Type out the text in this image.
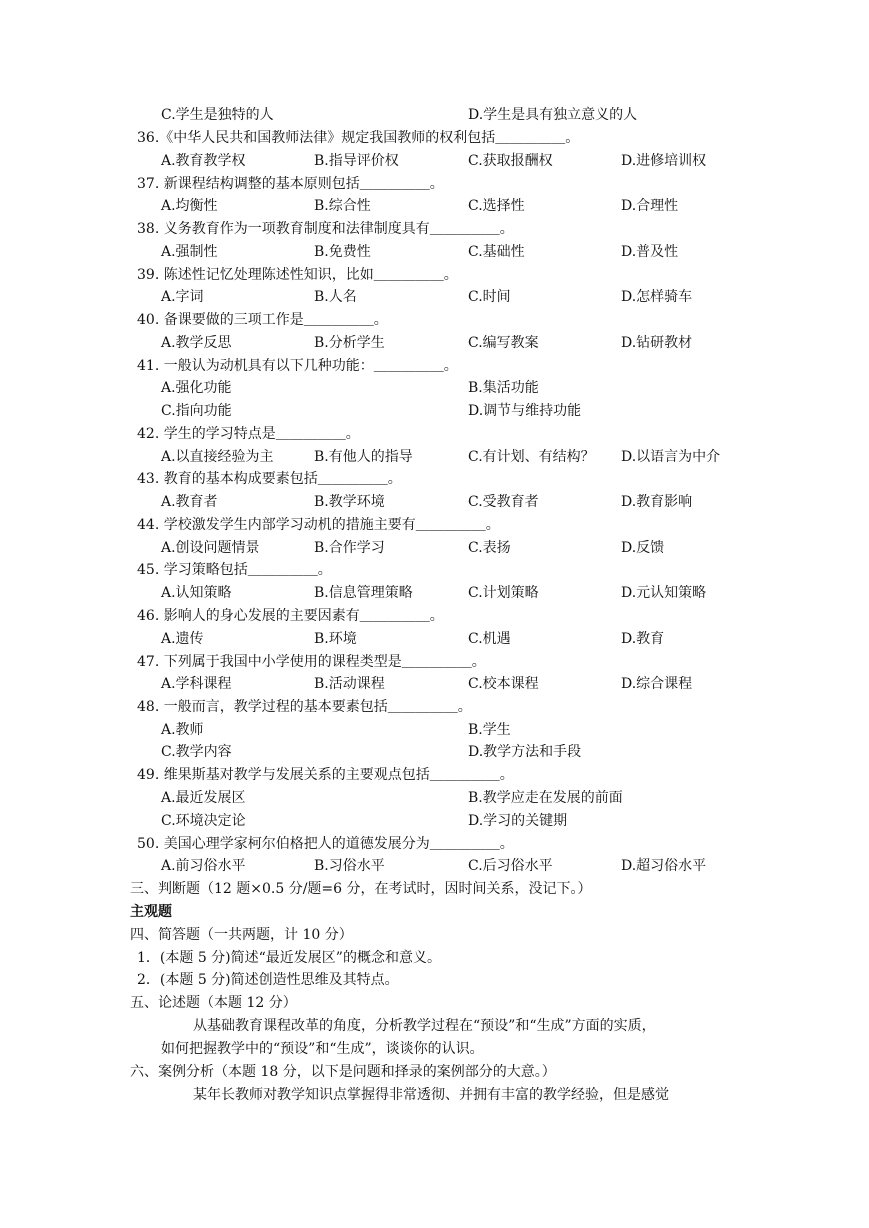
C.学生是独特的人	D.学生是具有独立意义的人
36.《中华人民共和国教师法律》规定我国教师的权利包括＿＿＿＿＿。
A.教育教学权	B.指导评价权	C.获取报酬权	D.进修培训权
37. 新课程结构调整的基本原则包括＿＿＿＿＿。
A.均衡性	B.综合性	C.选择性	D.合理性
38. 义务教育作为一项教育制度和法律制度具有＿＿＿＿＿。
A.强制性	B.免费性	C.基础性	D.普及性
39. 陈述性记忆处理陈述性知识，比如＿＿＿＿＿。
A.字词	B.人名	C.时间	D.怎样骑车
40. 备课要做的三项工作是＿＿＿＿＿。
A.教学反思	B.分析学生	C.编写教案	D.钻研教材
41. 一般认为动机具有以下几种功能：＿＿＿＿＿。
A.强化功能	B.集活功能
C.指向功能	D.调节与维持功能
42. 学生的学习特点是＿＿＿＿＿。
A.以直接经验为主	B.有他人的指导	C.有计划、有结构？ D.以语言为中介
43. 教育的基本构成要素包括＿＿＿＿＿。
A.教育者	B.教学环境	C.受教育者	D.教育影响
44. 学校激发学生内部学习动机的措施主要有＿＿＿＿＿。
A.创设问题情景	B.合作学习	C.表扬	D.反馈
45. 学习策略包括＿＿＿＿＿。
A.认知策略	B.信息管理策略	C.计划策略	D.元认知策略
46. 影响人的身心发展的主要因素有＿＿＿＿＿。
A.遗传	B.环境	C.机遇	D.教育
47. 下列属于我国中小学使用的课程类型是＿＿＿＿＿。
A.学科课程	B.活动课程	C.校本课程	D.综合课程
48. 一般而言，教学过程的基本要素包括＿＿＿＿＿。
A.教师	B.学生
C.教学内容	D.教学方法和手段
49. 维果斯基对教学与发展关系的主要观点包括＿＿＿＿＿。
A.最近发展区	B.教学应走在发展的前面
C.环境决定论	D.学习的关键期
50. 美国心理学家柯尔伯格把人的道德发展分为＿＿＿＿＿。
A.前习俗水平	B.习俗水平	C.后习俗水平	D.超习俗水平
三、判断题（12 题×0.5 分/题=6 分，在考试时，因时间关系，没记下。）
主观题
四、简答题（一共两题，计 10 分）
1．(本题 5 分)简述“最近发展区”的概念和意义。
2．(本题 5 分)简述创造性思维及其特点。
五、论述题（本题 12 分）
从基础教育课程改革的角度，分析教学过程在“预设”和“生成”方面的实质，
如何把握教学中的“预设”和“生成”，谈谈你的认识。
六、案例分析（本题 18 分，以下是问题和择录的案例部分的大意。）
某年长教师对教学知识点掌握得非常透彻、并拥有丰富的教学经验，但是感觉
